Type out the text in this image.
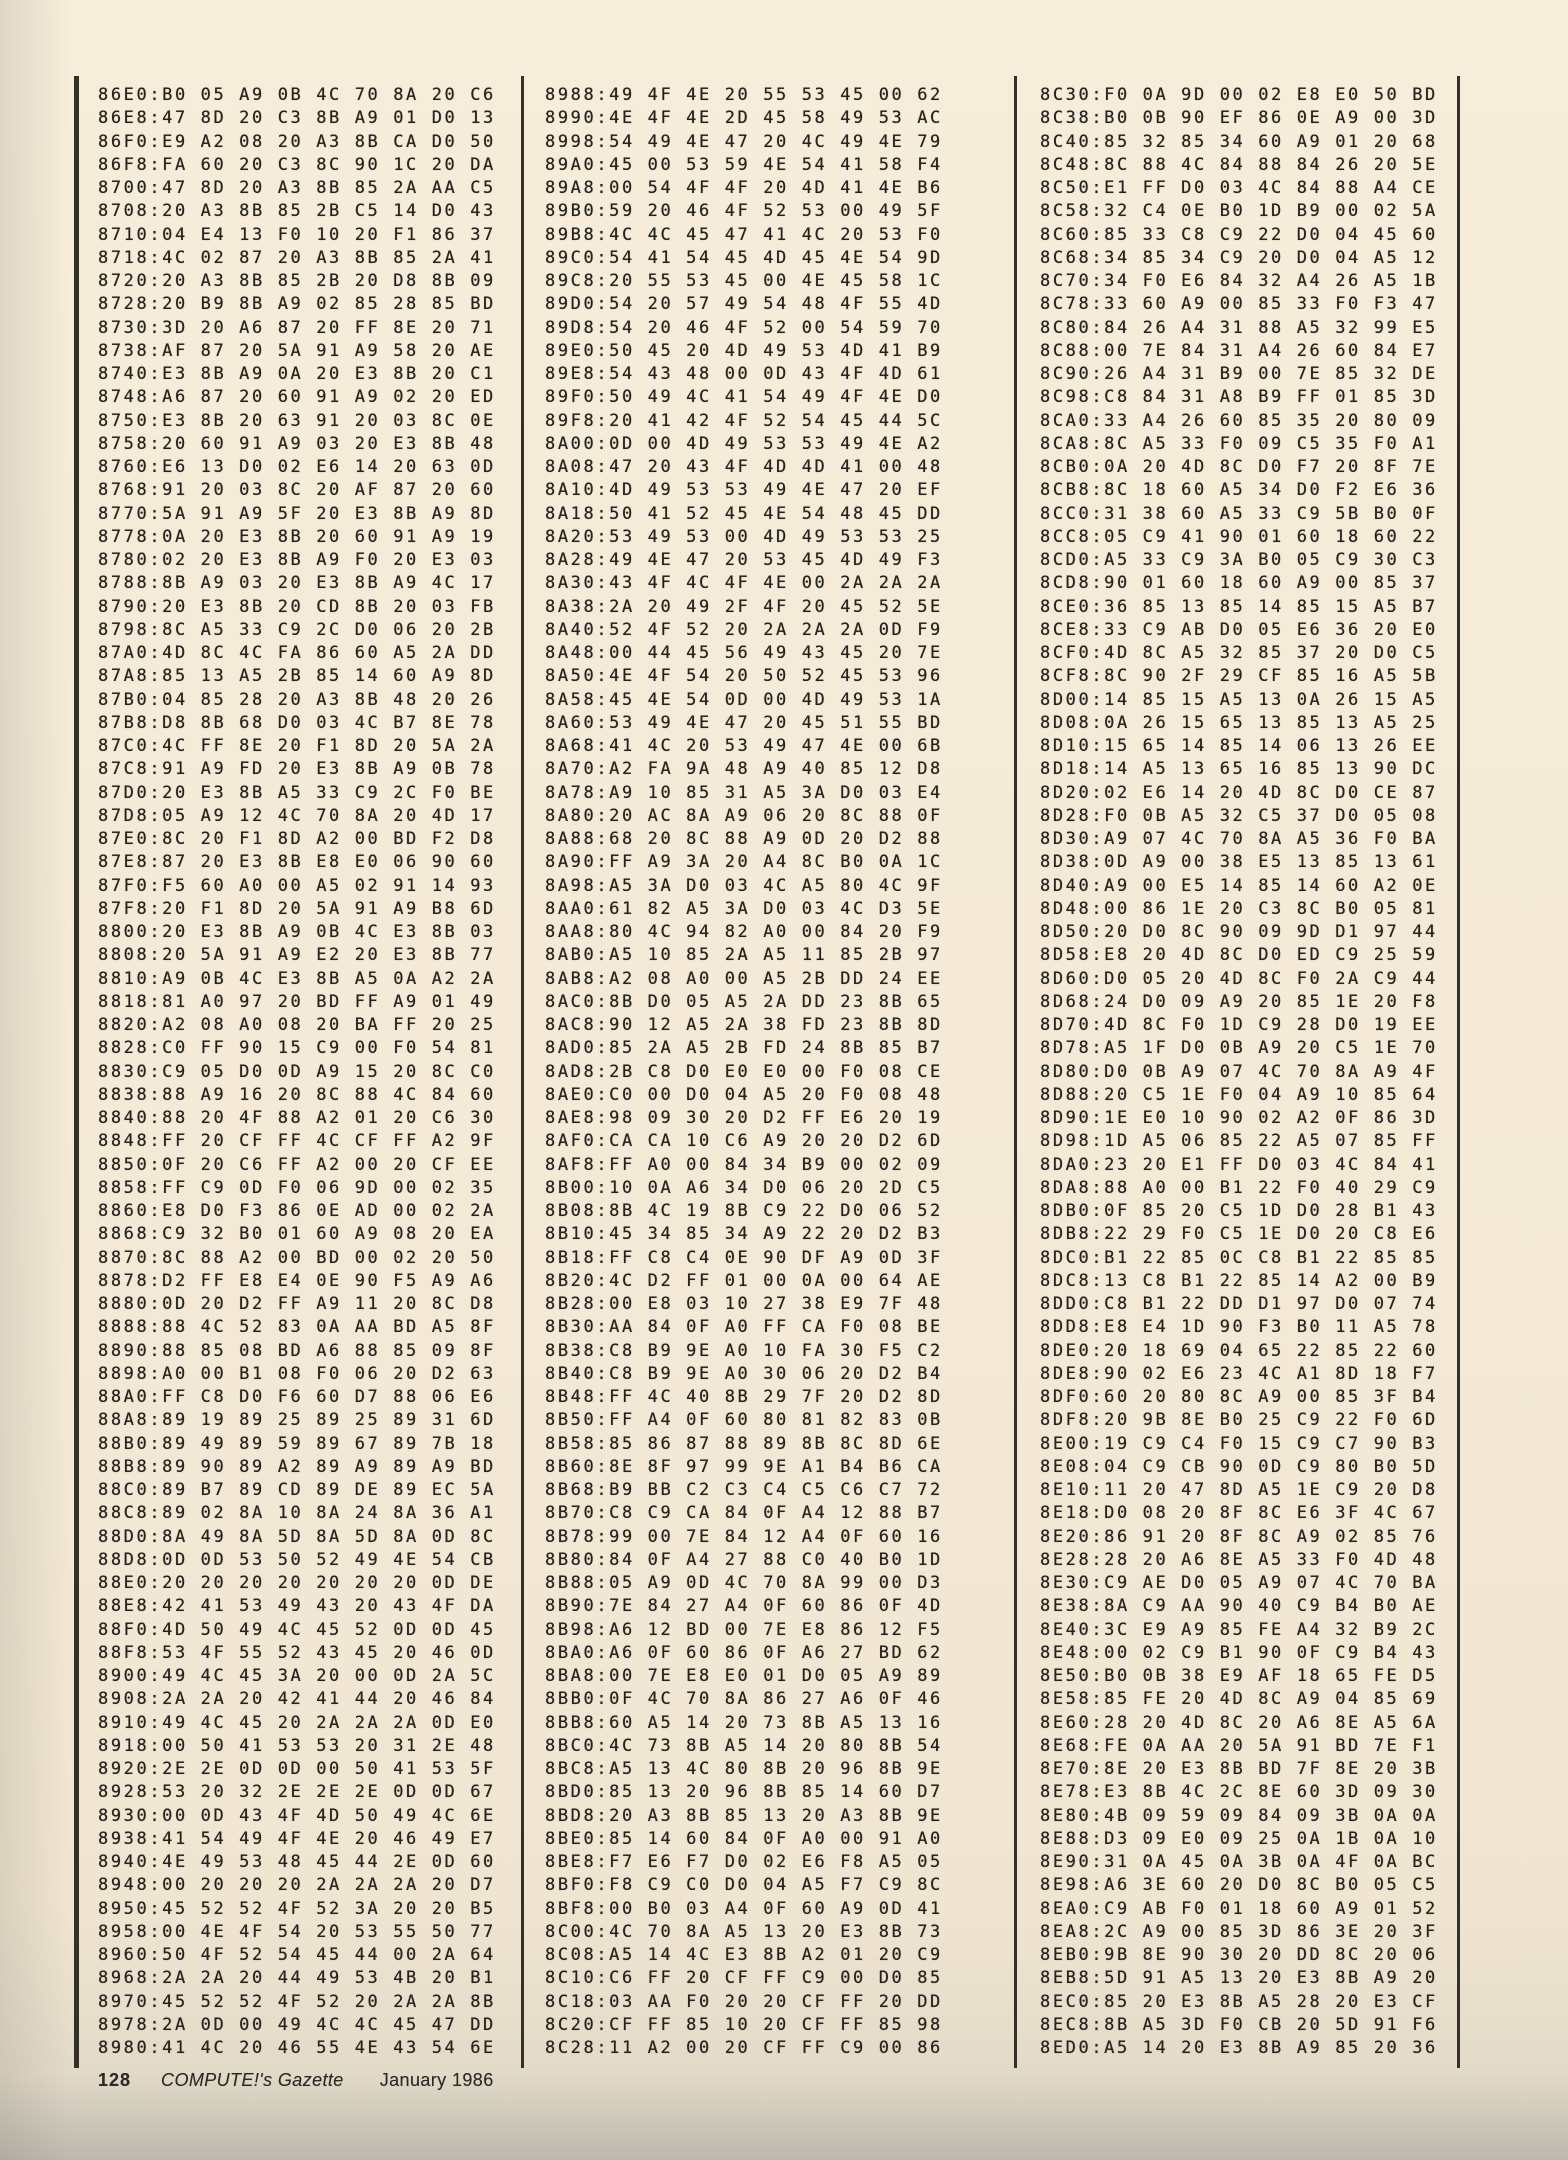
86E0:B0 05 A9 0B 4C 70 8A 20 C6
86E8:47 8D 20 C3 8B A9 01 D0 13
86F0:E9 A2 08 20 A3 8B CA D0 50
86F8:FA 60 20 C3 8C 90 1C 20 DA
8700:47 8D 20 A3 8B 85 2A AA C5
8708:20 A3 8B 85 2B C5 14 D0 43
8710:04 E4 13 F0 10 20 F1 86 37
8718:4C 02 87 20 A3 8B 85 2A 41
8720:20 A3 8B 85 2B 20 D8 8B 09
8728:20 B9 8B A9 02 85 28 85 BD
8730:3D 20 A6 87 20 FF 8E 20 71
8738:AF 87 20 5A 91 A9 58 20 AE
8740:E3 8B A9 0A 20 E3 8B 20 C1
8748:A6 87 20 60 91 A9 02 20 ED
8750:E3 8B 20 63 91 20 03 8C 0E
8758:20 60 91 A9 03 20 E3 8B 48
8760:E6 13 D0 02 E6 14 20 63 0D
8768:91 20 03 8C 20 AF 87 20 60
8770:5A 91 A9 5F 20 E3 8B A9 8D
8778:0A 20 E3 8B 20 60 91 A9 19
8780:02 20 E3 8B A9 F0 20 E3 03
8788:8B A9 03 20 E3 8B A9 4C 17
8790:20 E3 8B 20 CD 8B 20 03 FB
8798:8C A5 33 C9 2C D0 06 20 2B
87A0:4D 8C 4C FA 86 60 A5 2A DD
87A8:85 13 A5 2B 85 14 60 A9 8D
87B0:04 85 28 20 A3 8B 48 20 26
87B8:D8 8B 68 D0 03 4C B7 8E 78
87C0:4C FF 8E 20 F1 8D 20 5A 2A
87C8:91 A9 FD 20 E3 8B A9 0B 78
87D0:20 E3 8B A5 33 C9 2C F0 BE
87D8:05 A9 12 4C 70 8A 20 4D 17
87E0:8C 20 F1 8D A2 00 BD F2 D8
87E8:87 20 E3 8B E8 E0 06 90 60
87F0:F5 60 A0 00 A5 02 91 14 93
87F8:20 F1 8D 20 5A 91 A9 B8 6D
8800:20 E3 8B A9 0B 4C E3 8B 03
8808:20 5A 91 A9 E2 20 E3 8B 77
8810:A9 0B 4C E3 8B A5 0A A2 2A
8818:81 A0 97 20 BD FF A9 01 49
8820:A2 08 A0 08 20 BA FF 20 25
8828:C0 FF 90 15 C9 00 F0 54 81
8830:C9 05 D0 0D A9 15 20 8C C0
8838:88 A9 16 20 8C 88 4C 84 60
8840:88 20 4F 88 A2 01 20 C6 30
8848:FF 20 CF FF 4C CF FF A2 9F
8850:0F 20 C6 FF A2 00 20 CF EE
8858:FF C9 0D F0 06 9D 00 02 35
8860:E8 D0 F3 86 0E AD 00 02 2A
8868:C9 32 B0 01 60 A9 08 20 EA
8870:8C 88 A2 00 BD 00 02 20 50
8878:D2 FF E8 E4 0E 90 F5 A9 A6
8880:0D 20 D2 FF A9 11 20 8C D8
8888:88 4C 52 83 0A AA BD A5 8F
8890:88 85 08 BD A6 88 85 09 8F
8898:A0 00 B1 08 F0 06 20 D2 63
88A0:FF C8 D0 F6 60 D7 88 06 E6
88A8:89 19 89 25 89 25 89 31 6D
88B0:89 49 89 59 89 67 89 7B 18
88B8:89 90 89 A2 89 A9 89 A9 BD
88C0:89 B7 89 CD 89 DE 89 EC 5A
88C8:89 02 8A 10 8A 24 8A 36 A1
88D0:8A 49 8A 5D 8A 5D 8A 0D 8C
88D8:0D 0D 53 50 52 49 4E 54 CB
88E0:20 20 20 20 20 20 20 0D DE
88E8:42 41 53 49 43 20 43 4F DA
88F0:4D 50 49 4C 45 52 0D 0D 45
88F8:53 4F 55 52 43 45 20 46 0D
8900:49 4C 45 3A 20 00 0D 2A 5C
8908:2A 2A 20 42 41 44 20 46 84
8910:49 4C 45 20 2A 2A 2A 0D E0
8918:00 50 41 53 53 20 31 2E 48
8920:2E 2E 0D 0D 00 50 41 53 5F
8928:53 20 32 2E 2E 2E 0D 0D 67
8930:00 0D 43 4F 4D 50 49 4C 6E
8938:41 54 49 4F 4E 20 46 49 E7
8940:4E 49 53 48 45 44 2E 0D 60
8948:00 20 20 20 2A 2A 2A 20 D7
8950:45 52 52 4F 52 3A 20 20 B5
8958:00 4E 4F 54 20 53 55 50 77
8960:50 4F 52 54 45 44 00 2A 64
8968:2A 2A 20 44 49 53 4B 20 B1
8970:45 52 52 4F 52 20 2A 2A 8B
8978:2A 0D 00 49 4C 4C 45 47 DD
8980:41 4C 20 46 55 4E 43 54 6E
8988:49 4F 4E 20 55 53 45 00 62
8990:4E 4F 4E 2D 45 58 49 53 AC
8998:54 49 4E 47 20 4C 49 4E 79
89A0:45 00 53 59 4E 54 41 58 F4
89A8:00 54 4F 4F 20 4D 41 4E B6
89B0:59 20 46 4F 52 53 00 49 5F
89B8:4C 4C 45 47 41 4C 20 53 F0
89C0:54 41 54 45 4D 45 4E 54 9D
89C8:20 55 53 45 00 4E 45 58 1C
89D0:54 20 57 49 54 48 4F 55 4D
89D8:54 20 46 4F 52 00 54 59 70
89E0:50 45 20 4D 49 53 4D 41 B9
89E8:54 43 48 00 0D 43 4F 4D 61
89F0:50 49 4C 41 54 49 4F 4E D0
89F8:20 41 42 4F 52 54 45 44 5C
8A00:0D 00 4D 49 53 53 49 4E A2
8A08:47 20 43 4F 4D 4D 41 00 48
8A10:4D 49 53 53 49 4E 47 20 EF
8A18:50 41 52 45 4E 54 48 45 DD
8A20:53 49 53 00 4D 49 53 53 25
8A28:49 4E 47 20 53 45 4D 49 F3
8A30:43 4F 4C 4F 4E 00 2A 2A 2A
8A38:2A 20 49 2F 4F 20 45 52 5E
8A40:52 4F 52 20 2A 2A 2A 0D F9
8A48:00 44 45 56 49 43 45 20 7E
8A50:4E 4F 54 20 50 52 45 53 96
8A58:45 4E 54 0D 00 4D 49 53 1A
8A60:53 49 4E 47 20 45 51 55 BD
8A68:41 4C 20 53 49 47 4E 00 6B
8A70:A2 FA 9A 48 A9 40 85 12 D8
8A78:A9 10 85 31 A5 3A D0 03 E4
8A80:20 AC 8A A9 06 20 8C 88 0F
8A88:68 20 8C 88 A9 0D 20 D2 88
8A90:FF A9 3A 20 A4 8C B0 0A 1C
8A98:A5 3A D0 03 4C A5 80 4C 9F
8AA0:61 82 A5 3A D0 03 4C D3 5E
8AA8:80 4C 94 82 A0 00 84 20 F9
8AB0:A5 10 85 2A A5 11 85 2B 97
8AB8:A2 08 A0 00 A5 2B DD 24 EE
8AC0:8B D0 05 A5 2A DD 23 8B 65
8AC8:90 12 A5 2A 38 FD 23 8B 8D
8AD0:85 2A A5 2B FD 24 8B 85 B7
8AD8:2B C8 D0 E0 E0 00 F0 08 CE
8AE0:C0 00 D0 04 A5 20 F0 08 48
8AE8:98 09 30 20 D2 FF E6 20 19
8AF0:CA CA 10 C6 A9 20 20 D2 6D
8AF8:FF A0 00 84 34 B9 00 02 09
8B00:10 0A A6 34 D0 06 20 2D C5
8B08:8B 4C 19 8B C9 22 D0 06 52
8B10:45 34 85 34 A9 22 20 D2 B3
8B18:FF C8 C4 0E 90 DF A9 0D 3F
8B20:4C D2 FF 01 00 0A 00 64 AE
8B28:00 E8 03 10 27 38 E9 7F 48
8B30:AA 84 0F A0 FF CA F0 08 BE
8B38:C8 B9 9E A0 10 FA 30 F5 C2
8B40:C8 B9 9E A0 30 06 20 D2 B4
8B48:FF 4C 40 8B 29 7F 20 D2 8D
8B50:FF A4 0F 60 80 81 82 83 0B
8B58:85 86 87 88 89 8B 8C 8D 6E
8B60:8E 8F 97 99 9E A1 B4 B6 CA
8B68:B9 BB C2 C3 C4 C5 C6 C7 72
8B70:C8 C9 CA 84 0F A4 12 88 B7
8B78:99 00 7E 84 12 A4 0F 60 16
8B80:84 0F A4 27 88 C0 40 B0 1D
8B88:05 A9 0D 4C 70 8A 99 00 D3
8B90:7E 84 27 A4 0F 60 86 0F 4D
8B98:A6 12 BD 00 7E E8 86 12 F5
8BA0:A6 0F 60 86 0F A6 27 BD 62
8BA8:00 7E E8 E0 01 D0 05 A9 89
8BB0:0F 4C 70 8A 86 27 A6 0F 46
8BB8:60 A5 14 20 73 8B A5 13 16
8BC0:4C 73 8B A5 14 20 80 8B 54
8BC8:A5 13 4C 80 8B 20 96 8B 9E
8BD0:85 13 20 96 8B 85 14 60 D7
8BD8:20 A3 8B 85 13 20 A3 8B 9E
8BE0:85 14 60 84 0F A0 00 91 A0
8BE8:F7 E6 F7 D0 02 E6 F8 A5 05
8BF0:F8 C9 C0 D0 04 A5 F7 C9 8C
8BF8:00 B0 03 A4 0F 60 A9 0D 41
8C00:4C 70 8A A5 13 20 E3 8B 73
8C08:A5 14 4C E3 8B A2 01 20 C9
8C10:C6 FF 20 CF FF C9 00 D0 85
8C18:03 AA F0 20 20 CF FF 20 DD
8C20:CF FF 85 10 20 CF FF 85 98
8C28:11 A2 00 20 CF FF C9 00 86
8C30:F0 0A 9D 00 02 E8 E0 50 BD
8C38:B0 0B 90 EF 86 0E A9 00 3D
8C40:85 32 85 34 60 A9 01 20 68
8C48:8C 88 4C 84 88 84 26 20 5E
8C50:E1 FF D0 03 4C 84 88 A4 CE
8C58:32 C4 0E B0 1D B9 00 02 5A
8C60:85 33 C8 C9 22 D0 04 45 60
8C68:34 85 34 C9 20 D0 04 A5 12
8C70:34 F0 E6 84 32 A4 26 A5 1B
8C78:33 60 A9 00 85 33 F0 F3 47
8C80:84 26 A4 31 88 A5 32 99 E5
8C88:00 7E 84 31 A4 26 60 84 E7
8C90:26 A4 31 B9 00 7E 85 32 DE
8C98:C8 84 31 A8 B9 FF 01 85 3D
8CA0:33 A4 26 60 85 35 20 80 09
8CA8:8C A5 33 F0 09 C5 35 F0 A1
8CB0:0A 20 4D 8C D0 F7 20 8F 7E
8CB8:8C 18 60 A5 34 D0 F2 E6 36
8CC0:31 38 60 A5 33 C9 5B B0 0F
8CC8:05 C9 41 90 01 60 18 60 22
8CD0:A5 33 C9 3A B0 05 C9 30 C3
8CD8:90 01 60 18 60 A9 00 85 37
8CE0:36 85 13 85 14 85 15 A5 B7
8CE8:33 C9 AB D0 05 E6 36 20 E0
8CF0:4D 8C A5 32 85 37 20 D0 C5
8CF8:8C 90 2F 29 CF 85 16 A5 5B
8D00:14 85 15 A5 13 0A 26 15 A5
8D08:0A 26 15 65 13 85 13 A5 25
8D10:15 65 14 85 14 06 13 26 EE
8D18:14 A5 13 65 16 85 13 90 DC
8D20:02 E6 14 20 4D 8C D0 CE 87
8D28:F0 0B A5 32 C5 37 D0 05 08
8D30:A9 07 4C 70 8A A5 36 F0 BA
8D38:0D A9 00 38 E5 13 85 13 61
8D40:A9 00 E5 14 85 14 60 A2 0E
8D48:00 86 1E 20 C3 8C B0 05 81
8D50:20 D0 8C 90 09 9D D1 97 44
8D58:E8 20 4D 8C D0 ED C9 25 59
8D60:D0 05 20 4D 8C F0 2A C9 44
8D68:24 D0 09 A9 20 85 1E 20 F8
8D70:4D 8C F0 1D C9 28 D0 19 EE
8D78:A5 1F D0 0B A9 20 C5 1E 70
8D80:D0 0B A9 07 4C 70 8A A9 4F
8D88:20 C5 1E F0 04 A9 10 85 64
8D90:1E E0 10 90 02 A2 0F 86 3D
8D98:1D A5 06 85 22 A5 07 85 FF
8DA0:23 20 E1 FF D0 03 4C 84 41
8DA8:88 A0 00 B1 22 F0 40 29 C9
8DB0:0F 85 20 C5 1D D0 28 B1 43
8DB8:22 29 F0 C5 1E D0 20 C8 E6
8DC0:B1 22 85 0C C8 B1 22 85 85
8DC8:13 C8 B1 22 85 14 A2 00 B9
8DD0:C8 B1 22 DD D1 97 D0 07 74
8DD8:E8 E4 1D 90 F3 B0 11 A5 78
8DE0:20 18 69 04 65 22 85 22 60
8DE8:90 02 E6 23 4C A1 8D 18 F7
8DF0:60 20 80 8C A9 00 85 3F B4
8DF8:20 9B 8E B0 25 C9 22 F0 6D
8E00:19 C9 C4 F0 15 C9 C7 90 B3
8E08:04 C9 CB 90 0D C9 80 B0 5D
8E10:11 20 47 8D A5 1E C9 20 D8
8E18:D0 08 20 8F 8C E6 3F 4C 67
8E20:86 91 20 8F 8C A9 02 85 76
8E28:28 20 A6 8E A5 33 F0 4D 48
8E30:C9 AE D0 05 A9 07 4C 70 BA
8E38:8A C9 AA 90 40 C9 B4 B0 AE
8E40:3C E9 A9 85 FE A4 32 B9 2C
8E48:00 02 C9 B1 90 0F C9 B4 43
8E50:B0 0B 38 E9 AF 18 65 FE D5
8E58:85 FE 20 4D 8C A9 04 85 69
8E60:28 20 4D 8C 20 A6 8E A5 6A
8E68:FE 0A AA 20 5A 91 BD 7E F1
8E70:8E 20 E3 8B BD 7F 8E 20 3B
8E78:E3 8B 4C 2C 8E 60 3D 09 30
8E80:4B 09 59 09 84 09 3B 0A 0A
8E88:D3 09 E0 09 25 0A 1B 0A 10
8E90:31 0A 45 0A 3B 0A 4F 0A BC
8E98:A6 3E 60 20 D0 8C B0 05 C5
8EA0:C9 AB F0 01 18 60 A9 01 52
8EA8:2C A9 00 85 3D 86 3E 20 3F
8EB0:9B 8E 90 30 20 DD 8C 20 06
8EB8:5D 91 A5 13 20 E3 8B A9 20
8EC0:85 20 E3 8B A5 28 20 E3 CF
8EC8:8B A5 3D F0 CB 20 5D 91 F6
8ED0:A5 14 20 E3 8B A9 85 20 36
128 COMPUTE!'s Gazette January 1986
